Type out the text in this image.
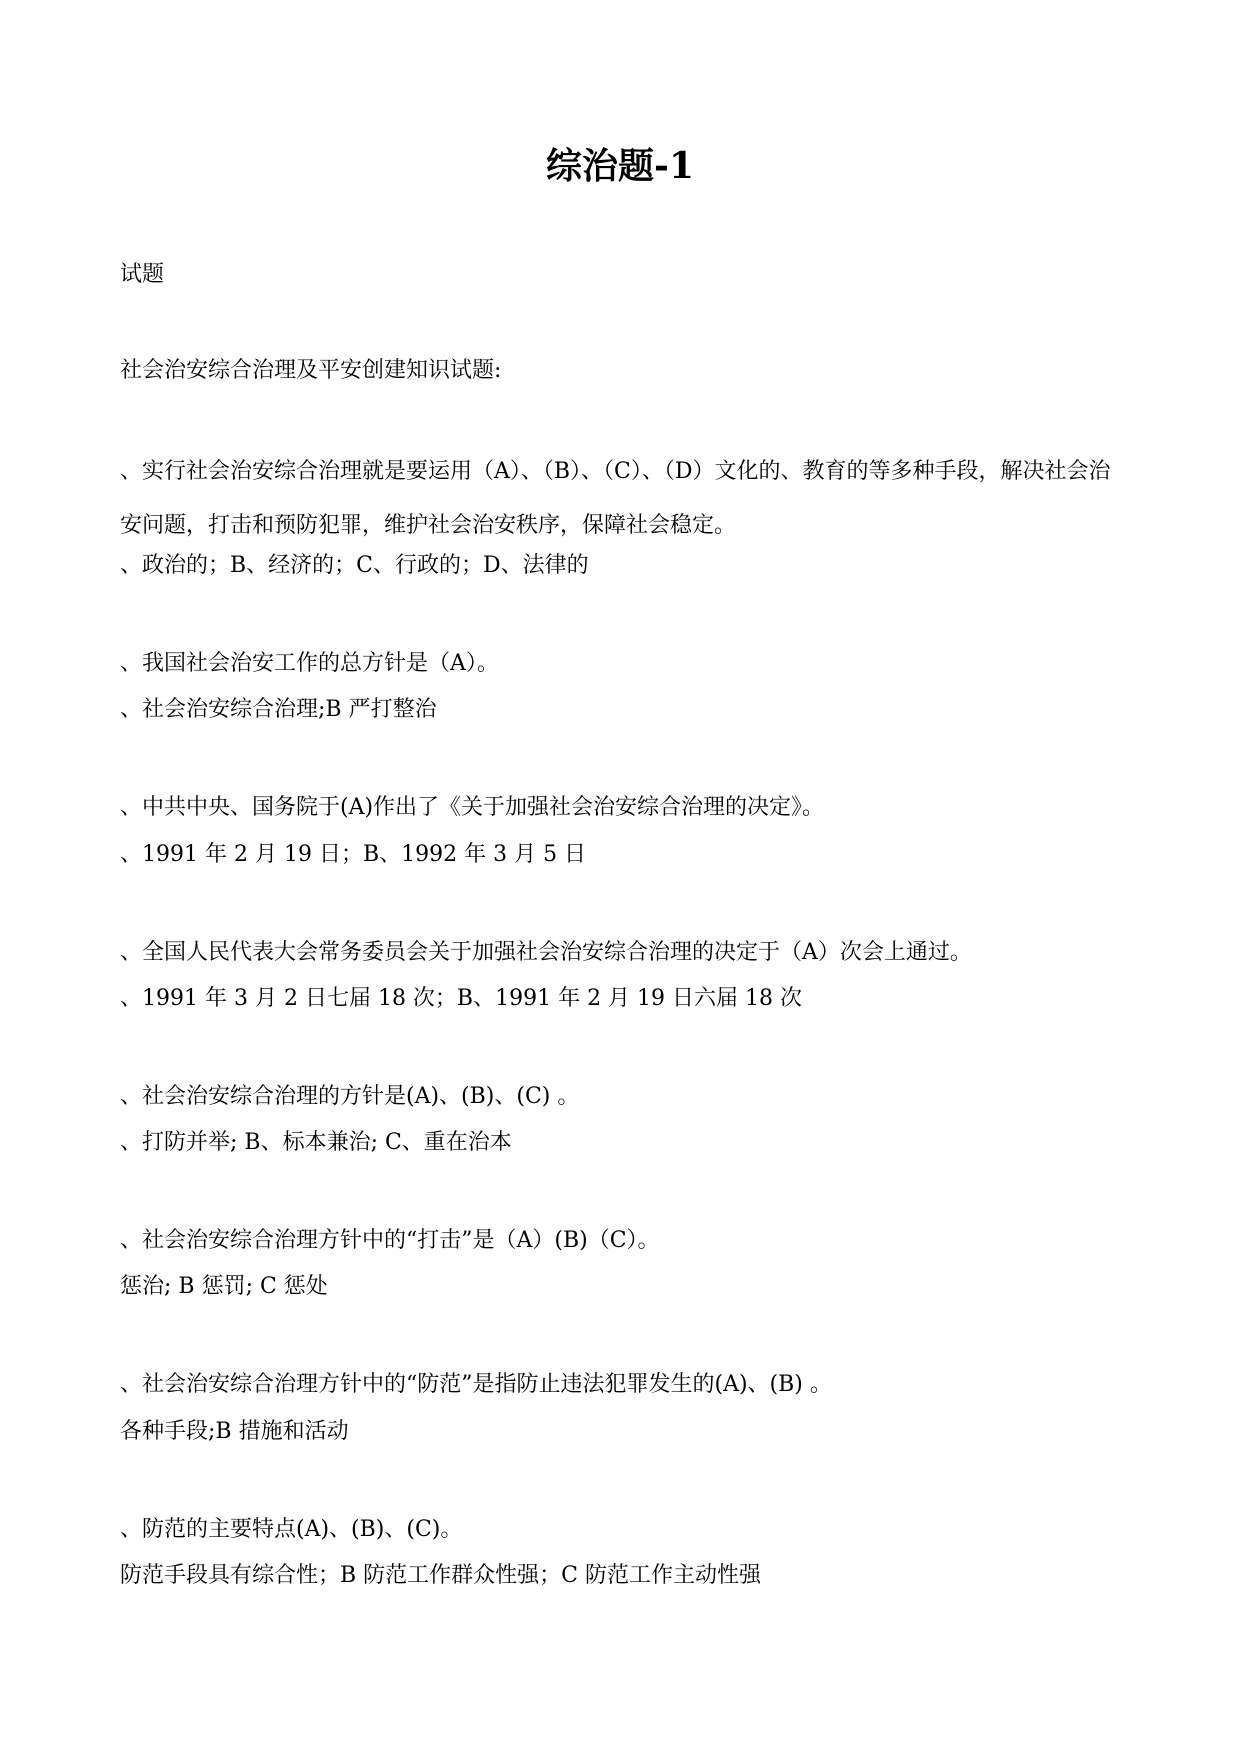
综治题-1

试题

社会治安综合治理及平安创建知识试题:

、实行社会治安综合治理就是要运用（A）、（B）、（C）、（D）文化的、教育的等多种手段，解决社会治安问题，打击和预防犯罪，维护社会治安秩序，保障社会稳定。

、政治的；B、经济的；C、行政的；D、法律的

、我国社会治安工作的总方针是（A）。

、社会治安综合治理;B 严打整治

、中共中央、国务院于(A)作出了《关于加强社会治安综合治理的决定》。

、1991 年 2 月 19 日；B、1992 年 3 月 5 日

、全国人民代表大会常务委员会关于加强社会治安综合治理的决定于（A）次会上通过。

、1991 年 3 月 2 日七届 18 次；B、1991 年 2 月 19 日六届 18 次

、社会治安综合治理的方针是(A)、(B)、(C) 。

、打防并举; B、标本兼治; C、重在治本

、社会治安综合治理方针中的“打击”是（A）(B)（C）。

惩治; B 惩罚; C 惩处

、社会治安综合治理方针中的“防范”是指防止违法犯罪发生的(A)、(B) 。

各种手段;B 措施和活动

、防范的主要特点(A)、(B)、(C)。

防范手段具有综合性；B 防范工作群众性强；C 防范工作主动性强
